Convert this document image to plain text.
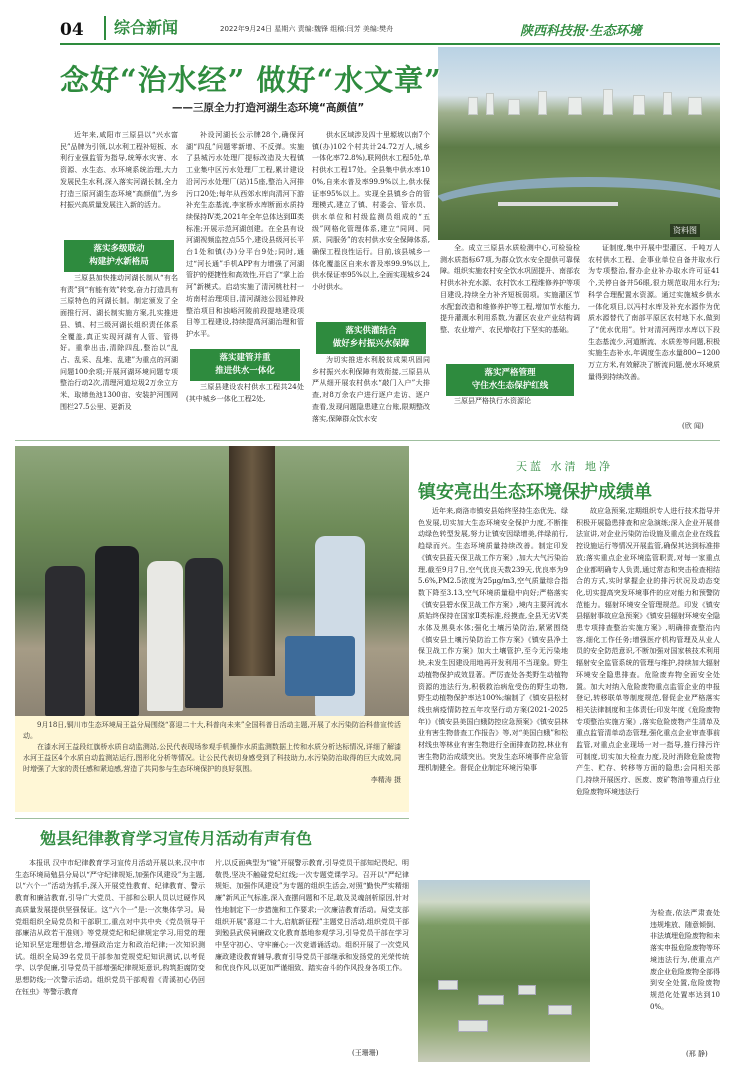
04	综合新闻	2022年9月24日 星期六 责编:魏锋 组稿:闫芳 美编:樊舟	陕西科技报·生态环境
资料图
念好“治水经” 做好“水文章”
——三原全力打造河湖生态环境“高颜值”
近年来,咸阳市三原县以“兴水富民”品牌为引领,以水利工程补短板、水利行业强监管为指导,统筹水灾害、水资源、水生态、水环境系统治理,大力发展民生水利,深入落实河湖长制,全力打造三原河湖生态环境“高颜值”,为乡村振兴高质量发展注入新的活力。
落实多级联动
构建护水新格局
三原县加快推动河湖长制从“有名有责”到“有能有效”转变,奋力打造具有三原特色的河湖长制。制定颁发了全面推行河、湖长制实施方案,扎实推进县、镇、村三级河湖长组织责任体系全覆盖,真正实现河湖有人管、管得好。重拳出击,清除四乱,整治以“乱占、乱采、乱堆、乱建”为重点的河湖问题100余项;开展河湖环境问题专项整治行动2次,清理河道垃圾2万余立方米、取缔鱼池1300亩、安装护河围网围栏27.5公里、更新及
补设河湖长公示牌28个,确保河湖“四乱”问题零新增、不反弹。实施了县城污水处理厂提标改造及大程镇工业集中区污水处理厂工程,累计建设沿河污水处理厂(站)15座,整治入河排污口20处;每年从西郊水库向清河下游补充生态基流,李家桥水库断面水质持续保持Ⅳ类,2021年全年总体达到Ⅲ类标准;开展示范河湖创建。在全县有设河湖视频监控点55个,建设县级河长平台1处和镇(办)分平台9处;同时,通过“河长通”手机APP有力增强了河湖管护的便捷性和高效性,开启了“掌上治河”新模式。启动实施了清河桃杜村一坊南村治理项目,清河湖池公园延伸段整治项目和浊峪河陵前段提地建设项目等工程建设,持续提高河湖治理和管护水平。
落实建管并重
推进供水一体化
三原县建设农村供水工程共24处(其中城乡一体化工程2处,
供水区域涉及四十里塬坡以南7个镇(办)102个村共计24.72万人,城乡一体化率72.8%),联网供水工程5处,单村供水工程17处。全县集中供水率100%,自来水普及率99.9%以上,供水保证率95%以上。实现全县镇乡合的管理模式,建立了镇、村委会、管水员、供水单位和村级监测员组成的“五级”网格化管理体系,建立“同网、同质、同服务”的农村供水安全保障体系,确保工程良性运行。目前,该县城乡一体化覆盖区自来水普及率99.9%以上,供水保证率95%以上,全面实现城乡24小时供水。
落实供灌结合
做好乡村振兴水保障
为切实推进水利脱贫成果巩固同乡村振兴水利保障有效衔接,三原县从严从细开展农村供水“敲门入户”大排查,对8万余农户进行逐户走访、逐户查看,发现问题隐患建立台账,限期整改落实,保障群众饮水安
全。成立三原县水质检测中心,可检验检测水质指标67项,为群众饮水安全提供可靠保障。组织实施农村安全饮水巩固提升、南部农村供水补充水源、农村饮水工程维修养护等项目建设,持续全力补齐短板弱项。实施灌区节水配套改造和维修养护等工程,增加节水能力,提升灌溉水利用系数,为灌区农业产业结构调整、农业增产、农民增收打下坚实的基础。
落实严格管理
守住水生态保护红线
三原县严格执行水资源论
证制度,集中开展中型灌区、千吨万人农村供水工程、企事业单位自备井取水行为专项整治,督办企业补办取水许可证41个,关停自备井56眼,很力规范取用水行为;科学合理配置水资源。通过实施城乡供水一体化项目,以冯村水库及补充水源作为优质水源替代了南部平原区农村地下水,做到了“优水优用”。针对清河两岸水库以下段生态基流少,河道断流、水质差等问题,积极实施生态补水,年调度生态水量800~1200万立方米,有效解决了断流问题,使水环境质量得到持续改善。
(欣 闻)
9月18日,铜川市生态环境局王益分局围绕“喜迎二十大,科普向未来”全国科普日活动主题,开展了水污染防治科普宣传活动。
在漆水河王益段红旗桥水质自动监测站,公民代表现场参观手机操作水质监测数据上传和水质分析达标情况,详细了解漆水河王益区4个水质自动监测站运行,图形化分析等情况。让公民代表切身感受到了科技助力,水污染防治取得的巨大成效,同时增强了大家的责任感和紧迫感,营造了共同参与生态环境保护的良好氛围。
李精涛 摄
天蓝 水清 地净
镇安亮出生态环境保护成绩单
近年来,商洛市镇安县始终坚持生态优先、绿色发展,切实加大生态环境安全保护力度,不断推动绿色转型发展,努力让镇安因绿增美,伴绿前行,趋绿而兴。生态环境质量持续改善。制定印发《镇安县蓝天保卫战工作方案》,加大大气污染治理,截至9月7日,空气优良天数239天,优良率为95.6%,PM2.5浓度为25μg/m3,空气质量综合指数下降至3.13,空气环境质量稳中向好;严格落实《镇安县碧水保卫战工作方案》,境内主要河流水质始终保持在国家Ⅱ类标准,经摸查,全县无劣Ⅴ类水体及黑臭水体;强化土壤污染防治,紧紧围绕《镇安县土壤污染防治工作方案》《镇安县净土保卫战工作方案》加大土壤管护,至今无污染地块,未发生因建设用地再开发利用不当现象。野生动植物保护成效显著。严厉查处各类野生动植物资源的违法行为,积极救治病危受伤的野生动物,野生动植物保护率达100%;编制了《镇安县松材线虫病疫情防控五年攻坚行动方案(2021-2025年)》《镇安县美国白蛾防控应急预案》《镇安县林业有害生物普查工作报告》等,对“美国白蛾”和松材线虫等林业有害生物进行全面排查防控,林业有害生物防治成绩突出。突发生态环境事件应急管理机制健全。督促企业制定环境污染事
故应急预案,定期组织专人进行技术指导并积极开展隐患排查和应急演练;深入企业开展普法宣讲,对企业污染防治设施及重点企业在线监控设施运行等情况开展监管,确保其达到标准排放;落实重点企业环境监管职责,对每一家重点企业都明确专人负责,通过常态和突击检查相结合的方式,实时掌握企业的排污状况及动态变化,切实提高突发环境事件的应对能力和预警防范能力。辐射环境安全管理规范。印发《镇安县辐射事故应急预案》《镇安县辐射环境安全隐患专项排查整治实施方案》,明确排查整治内容,细化工作任务;增强医疗机构管理及从业人员的安全防范意识,不断加强对国家核技术利用辐射安全监管系统的管理与维护,持续加大辐射环境安全隐患排查。危险废弃物全面安全处置。加大对纳入危险废物重点监管企业的申报登记,转移联单等制度规范,督促企业严格落实相关法律制度和主体责任;印发年度《危险废物专项整治实施方案》,落实危险废物产生清单及重点监管清单动态管理,强化重点企业审查事前监管,对重点企业现场一对一指导,推行排污许可制度,切实加大检查力度,及时消除危险废物产生、贮存、转移等方面的隐患;会同相关部门,持续开展医疗、医废、废矿物油等重点行业危险废物环境违法行
为检查,依法严肃查处违规堆放、随意倾倒、非法填埋危险废物和未落实申报危险废物等环境违法行为,使重点产废企业危险废物全部得到安全处置,危险废物规范化处置率达到100%。
(邢 静)
勉县纪律教育学习宣传月活动有声有色
本报讯 汉中市纪律教育学习宣传月活动开展以来,汉中市生态环境局勉县分局以“严守纪律规矩,加强作风建设”为主题,以“六个一”活动为抓手,深入开展党性教育、纪律教育、警示教育和廉洁教育,引导广大党员、干部和公职人员以过硬作风高质量发展提供坚强保证。这“六个一”是:一次集体学习。局党组组织全局党员和干部职工,重点对中共中央《党员领导干部廉洁从政若干准则》等党规党纪和纪律规定学习,用党的理论知识坚定理想信念,增强政治定力和政治纪律;一次知识测试。组织全局39名党员干部参加党规党纪知识测试,以考促学、以学促廉,引导党员干部增强纪律规矩意识,构筑拒腐防变思想防线;一次警示活动。组织党员干部观看《青溪初心仍回在钰虫》等警示教育
片,以反面典型为“镜”开展警示教育,引导党员干部知纪畏纪、明敬畏,坚决不触碰党纪红线;一次专题党课学习。召开以“严纪律规矩、加强作风建设”为专题的组织生活会,对照“勤快严实精细廉”新风正气标准,深入查摆问题和不足,敢及灵魂剖析原因,针对性地制定下一步措施和工作要求;一次廉洁教育活动。局党支部组织开展“喜迎二十大,启航新征程”主题党日活动,组织党员干部到勉县武侯祠廉政文化教育基地参观学习,引导党员干部在学习中坚守初心、守牢廉心;一次竞谱诵活动。组织开展了一次党风廉政建设教育辅导,教育引导党员干部继承和发扬党的光荣传统和优良作风,以更加严谨细致、踏实奋斗的作风投身各项工作。
(王珊珊)
